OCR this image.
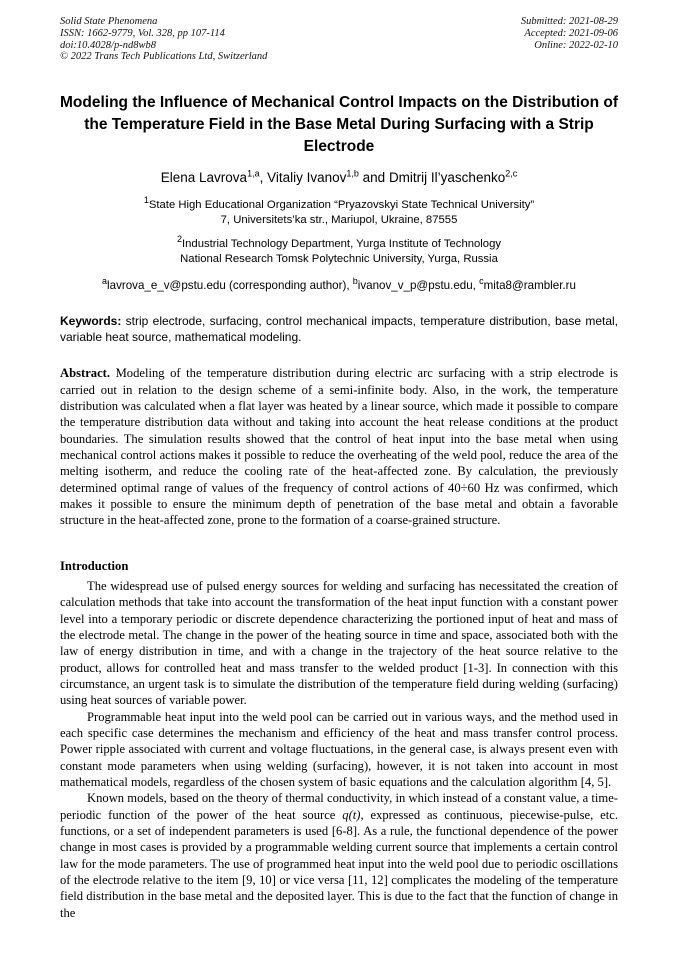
Solid State Phenomena
ISSN: 1662-9779, Vol. 328, pp 107-114
doi:10.4028/p-nd8wb8
© 2022 Trans Tech Publications Ltd, Switzerland
Submitted: 2021-08-29
Accepted: 2021-09-06
Online: 2022-02-10
Modeling the Influence of Mechanical Control Impacts on the Distribution of the Temperature Field in the Base Metal During Surfacing with a Strip Electrode
Elena Lavrova$^{1,a}$, Vitaliy Ivanov$^{1,b}$ and Dmitrij Il’yaschenko$^{2,c}$
$^1$State High Educational Organization “Pryazovskyi State Technical University”
7, Universitets’ka str., Mariupol, Ukraine, 87555
$^2$Industrial Technology Department, Yurga Institute of Technology
National Research Tomsk Polytechnic University, Yurga, Russia
$^a$lavrova_e_v@pstu.edu (corresponding author), $^b$ivanov_v_p@pstu.edu, $^c$mita8@rambler.ru
Keywords: strip electrode, surfacing, control mechanical impacts, temperature distribution, base metal, variable heat source, mathematical modeling.
Abstract. Modeling of the temperature distribution during electric arc surfacing with a strip electrode is carried out in relation to the design scheme of a semi-infinite body. Also, in the work, the temperature distribution was calculated when a flat layer was heated by a linear source, which made it possible to compare the temperature distribution data without and taking into account the heat release conditions at the product boundaries. The simulation results showed that the control of heat input into the base metal when using mechanical control actions makes it possible to reduce the overheating of the weld pool, reduce the area of the melting isotherm, and reduce the cooling rate of the heat-affected zone. By calculation, the previously determined optimal range of values of the frequency of control actions of 40÷60 Hz was confirmed, which makes it possible to ensure the minimum depth of penetration of the base metal and obtain a favorable structure in the heat-affected zone, prone to the formation of a coarse-grained structure.
Introduction

The widespread use of pulsed energy sources for welding and surfacing has necessitated the creation of calculation methods that take into account the transformation of the heat input function with a constant power level into a temporary periodic or discrete dependence characterizing the portioned input of heat and mass of the electrode metal. The change in the power of the heating source in time and space, associated both with the law of energy distribution in time, and with a change in the trajectory of the heat source relative to the product, allows for controlled heat and mass transfer to the welded product [1-3]. In connection with this circumstance, an urgent task is to simulate the distribution of the temperature field during welding (surfacing) using heat sources of variable power.

Programmable heat input into the weld pool can be carried out in various ways, and the method used in each specific case determines the mechanism and efficiency of the heat and mass transfer control process. Power ripple associated with current and voltage fluctuations, in the general case, is always present even with constant mode parameters when using welding (surfacing), however, it is not taken into account in most mathematical models, regardless of the chosen system of basic equations and the calculation algorithm [4, 5].

Known models, based on the theory of thermal conductivity, in which instead of a constant value, a time-periodic function of the power of the heat source q(t), expressed as continuous, piecewise-pulse, etc. functions, or a set of independent parameters is used [6-8]. As a rule, the functional dependence of the power change in most cases is provided by a programmable welding current source that implements a certain control law for the mode parameters. The use of programmed heat input into the weld pool due to periodic oscillations of the electrode relative to the item [9, 10] or vice versa [11, 12] complicates the modeling of the temperature field distribution in the base metal and the deposited layer. This is due to the fact that the function of change in the
